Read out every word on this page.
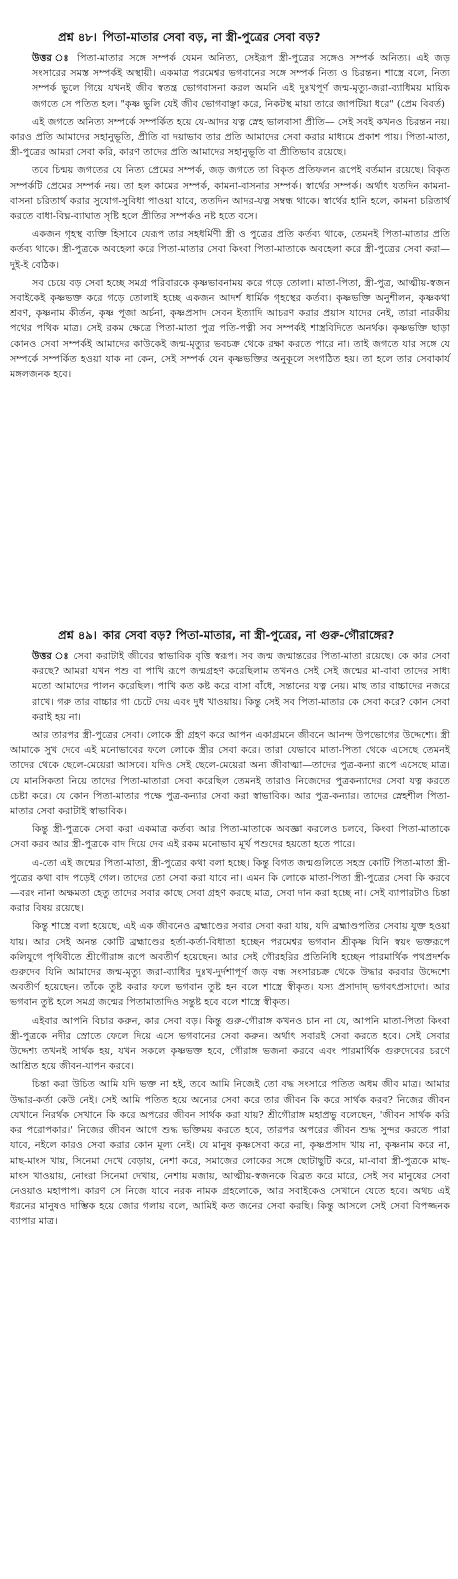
প্রশ্ন ৪৮। পিতা-মাতার সেবা বড়, না স্ত্রী-পুত্রের সেবা বড়?

উত্তর ঃ পিতা-মাতার সঙ্গে সম্পর্ক যেমন অনিত্য, সেইরূপ স্ত্রী-পুত্রের সঙ্গেও সম্পর্ক অনিত্য। এই জড় সংসারের সমস্ত সম্পর্কই অস্থায়ী। একমাত্র পরমেশ্বর ভগবানের সঙ্গে সম্পর্ক নিত্য ও চিরন্তন। শাস্ত্রে বলে, নিত্য সম্পর্ক ভুলে গিয়ে যখনই জীব স্বতন্ত্র ভোগবাসনা করল অমনি এই দুঃখপূর্ণ জন্ম-মৃত্যু-জরা-ব্যাধিময় মায়িক জগতে সে পতিত হল। "কৃষ্ণ ভুলি যেই জীব ভোগবাঞ্ছা করে, নিকটস্থ মায়া তারে জাপটিয়া ধরে" (প্রেম বিবর্ত)

এই জগতে অনিত্য সম্পর্কে সম্পর্কিত হয়ে যে-আদর যত্ন স্নেহ ভালবাসা প্রীতি— সেই সবই কখনও চিরন্তন নয়। কারও প্রতি আমাদের সহানুভূতি, প্রীতি বা দয়াভাব তার প্রতি আমাদের সেবা করার মাধ্যমে প্রকাশ পায়। পিতা-মাতা, স্ত্রী-পুত্রের আমরা সেবা করি, কারণ তাদের প্রতি আমাদের সহানুভূতি বা প্রীতিভাব রয়েছে।

তবে চিন্ময় জগতের যে নিত্য প্রেমের সম্পর্ক, জড় জগতে তা বিকৃত প্রতিফলন রূপেই বর্তমান রয়েছে। বিকৃত সম্পর্কটি প্রেমের সম্পর্ক নয়। তা হল কামের সম্পর্ক, কামনা-বাসনার সম্পর্ক। স্বার্থের সম্পর্ক। অর্থাৎ যতদিন কামনা-বাসনা চরিতার্থ করার সুযোগ-সুবিধা পাওয়া যাবে, ততদিন আদর-যত্ন সম্বন্ধ থাকে। স্বার্থের হানি হলে, কামনা চরিতার্থ করতে বাধা-বিঘ্ন-ব্যাঘাত সৃষ্টি হলে প্রীতির সম্পর্কও নষ্ট হতে বসে।

একজন গৃহস্থ ব্যক্তি হিসাবে যেরূপ তার সহধর্মিণী স্ত্রী ও পুত্রের প্রতি কর্তব্য থাকে, তেমনই পিতা-মাতার প্রতি কর্তব্য থাকে। স্ত্রী-পুত্রকে অবহেলা করে পিতা-মাতার সেবা কিংবা পিতা-মাতাকে অবহেলা করে স্ত্রী-পুত্রের সেবা করা—দুই-ই বেঠিক।

সব চেয়ে বড় সেবা হচ্ছে সমগ্র পরিবারকে কৃষ্ণভাবনাময় করে গড়ে তোলা। মাতা-পিতা, স্ত্রী-পুত্র, আত্মীয়-স্বজন সবাইকেই কৃষ্ণভক্ত করে গড়ে তোলাই হচ্ছে একজন আদর্শ ধার্মিক গৃহস্থের কর্তব্য। কৃষ্ণভক্তি অনুশীলন, কৃষ্ণকথা শ্রবণ, কৃষ্ণনাম কীর্তন, কৃষ্ণ পূজা অর্চনা, কৃষ্ণপ্রসাদ সেবন ইত্যাদি আচরণ করার প্রয়াস যাদের নেই, তারা নারকীয় পথের পথিক মাত্র। সেই রকম ক্ষেত্রে পিতা-মাতা পুত্র পতি-পত্নী সব সম্পর্কই শাস্ত্রবিদিতে অনর্থক। কৃষ্ণভক্তি ছাড়া কোনও সেবা সম্পর্কই আমাদের কাউকেই জন্ম-মৃত্যুর ভবচক্র থেকে রক্ষা করতে পারে না। তাই জগতে যার সঙ্গে যে সম্পর্কে সম্পর্কিত হওয়া যাক না কেন, সেই সম্পর্ক যেন কৃষ্ণভক্তির অনুকূলে সংগঠিত হয়। তা হলে তার সেবাকার্য মঙ্গলজনক হবে।

প্রশ্ন ৪৯। কার সেবা বড়? পিতা-মাতার, না স্ত্রী-পুত্রের, না গুরু-গৌরাঙ্গের?

উত্তর ঃ সেবা করাটাই জীবের স্বাভাবিক বৃত্তি স্বরূপ। সব জন্ম জন্মান্তরের পিতা-মাতা রয়েছে। কে কার সেবা করছে? আমরা যখন পশু বা পাখি রূপে জন্মগ্রহণ করেছিলাম তখনও সেই সেই জন্মের মা-বাবা তাদের সাধ্য মতো আমাদের পালন করেছিল। পাখি কত কষ্ট করে বাসা বাঁধে, সন্তানের যত্ন নেয়। মাছ তার বাচ্চাদের নজরে রাখে। গরু তার বাচ্চার গা চেটে দেয় এবং দুধ খাওয়ায়। কিন্তু সেই সব পিতা-মাতার কে সেবা করে? কোন সেবা করাই হয় না।

আর তারপর স্ত্রী-পুত্রের সেবা। লোকে স্ত্রী গ্রহণ করে আপন একাগ্রমনে জীবনে আনন্দ উপভোগের উদ্দেশ্যে। স্ত্রী আমাকে সুখ দেবে এই মনোভাবের ফলে লোকে স্ত্রীর সেবা করে। তারা যেভাবে মাতা-পিতা থেকে এসেছে তেমনই তাদের থেকে ছেলে-মেয়েরা আসবে। যদিও সেই ছেলে-মেয়েরা অন্য জীবাত্মা—তাদের পুত্র-কন্যা রূপে এসেছে মাত্র। যে মানসিকতা নিয়ে তাদের পিতা-মাতারা সেবা করেছিল তেমনই তারাও নিজেদের পুত্রকন্যাদের সেবা যত্ন করতে চেষ্টা করে। যে কোন পিতা-মাতার পক্ষে পুত্র-কন্যার সেবা করা স্বাভাবিক। আর পুত্র-কন্যার। তাদের স্নেহশীল পিতা-মাতার সেবা করাটাই স্বাভাবিক।

কিন্তু স্ত্রী-পুত্রকে সেবা করা একমাত্র কর্তব্য আর পিতা-মাতাকে অবজ্ঞা করলেও চলবে, কিংবা পিতা-মাতাকে সেবা করব আর স্ত্রী-পুত্রকে বাদ দিয়ে দেব এই রকম মনোভাব মূর্খ পশুদের হয়তো হতে পারে।

এ-তো এই জন্মের পিতা-মাতা, স্ত্রী-পুত্রের কথা বলা হচ্ছে। কিন্তু বিগত জন্মগুলিতে সহস্র কোটি পিতা-মাতা স্ত্রী-পুত্রের কথা বাদ পড়েই গেল। তাদের তো সেবা করা যাবে না। এমন কি লোকে মাতা-পিতা স্ত্রী-পুত্রের সেবা কি করবে—বরং নানা অক্ষমতা হেতু তাদের সবার কাছে সেবা গ্রহণ করছে মাত্র, সেবা দান করা হচ্ছে না। সেই ব্যাপারটাও চিন্তা করার বিষয় রয়েছে।

কিন্তু শাস্ত্রে বলা হয়েছে, এই এক জীবনেও ব্রহ্মাণ্ডের সবার সেবা করা যায়, যদি ব্রহ্মাণ্ডপতির সেবায় যুক্ত হওয়া যায়। আর সেই অনন্ত কোটি ব্রহ্মাণ্ডের হর্তা-কর্তা-বিধাতা হচ্ছেন পরমেশ্বর ভগবান শ্রীকৃষ্ণ যিনি স্বয়ং ভক্তরূপে কলিযুগে পৃথিবীতে শ্রীগৌরাঙ্গ রূপে অবতীর্ণ হয়েছেন। আর সেই গৌরহরির প্রতিনিধি হচ্ছেন পারমার্থিক পথপ্রদর্শক গুরুদেব যিনি আমাদের জন্ম-মৃত্যু জরা-ব্যাধির দুঃখ-দুর্দশাপূর্ণ জড় বন্ধ সংসারচক্র থেকে উদ্ধার করবার উদ্দেশ্যে অবতীর্ণ হয়েছেন। তাঁকে তুষ্ট করার ফলে ভগবান তুষ্ট হন বলে শাস্ত্রে স্বীকৃত। যস্য প্রসাদাদ্ ভগবৎপ্রসাদো। আর ভগবান তুষ্ট হলে সমগ্র জন্মের পিতামাতাদিও সন্তুষ্ট হবে বলে শাস্ত্রে স্বীকৃত।

এইবার আপনি বিচার করুন, কার সেবা বড়। কিন্তু গুরু-গৌরাঙ্গ কখনও চান না যে, আপনি মাতা-পিতা কিংবা স্ত্রী-পুত্রকে নদীর স্রোতে ফেলে দিয়ে এসে ভগবানের সেবা করুন। অর্থাৎ সবারই সেবা করতে হবে। সেই সেবার উদ্দেশ্য তখনই সার্থক হয়, যখন সকলে কৃষ্ণভক্ত হবে, গৌরাঙ্গ ভজনা করবে এবং পারমার্থিক গুরুদেবের চরণে আশ্রিত হয়ে জীবন-যাপন করবে।

চিন্তা করা উচিত আমি যদি ভক্ত না হই, তবে আমি নিজেই তো বদ্ধ সংসারে পতিত অধম জীব মাত্র। আমার উদ্ধার-কর্তা কেউ নেই। সেই আমি পতিত হয়ে অন্যের সেবা করে তার জীবন কি করে সার্থক করব? নিজের জীবন যেখানে নিরর্থক সেখানে কি করে অপরের জীবন সার্থক করা যায়? শ্রীগৌরাঙ্গ মহাপ্রভু বলেছেন, 'জীবন সার্থক করি কর পরোপকার।' নিজের জীবন আগে শুদ্ধ ভক্তিময় করতে হবে, তারপর অপরের জীবন শুদ্ধ সুন্দর করতে পারা যাবে, নইলে কারও সেবা করার কোন মূল্য নেই। যে মানুষ কৃষ্ণসেবা করে না, কৃষ্ণপ্রসাদ খায় না, কৃষ্ণনাম করে না, মাছ-মাংস খায়, সিনেমা দেখে বেড়ায়, নেশা করে, সমাজের লোকের সঙ্গে ছোটাছুটি করে, মা-বাবা স্ত্রী-পুত্রকে মাছ-মাংস খাওয়ায়, নোংরা সিনেমা দেখায়, নেশায় মজায়, আত্মীয়-স্বজনকে বিব্রত করে মারে, সেই সব মানুষের সেবা নেওয়াও মহাপাপ। কারণ সে নিজে যাবে নরক নামক গ্রহলোকে, আর সবাইকেও সেখানে যেতে হবে। অথচ এই ধরনের মানুষও দাম্ভিক হয়ে জোর গলায় বলে, আমিই কত জনের সেবা করছি। কিন্তু আসলে সেই সেবা বিপজ্জনক ব্যাপার মাত্র।
